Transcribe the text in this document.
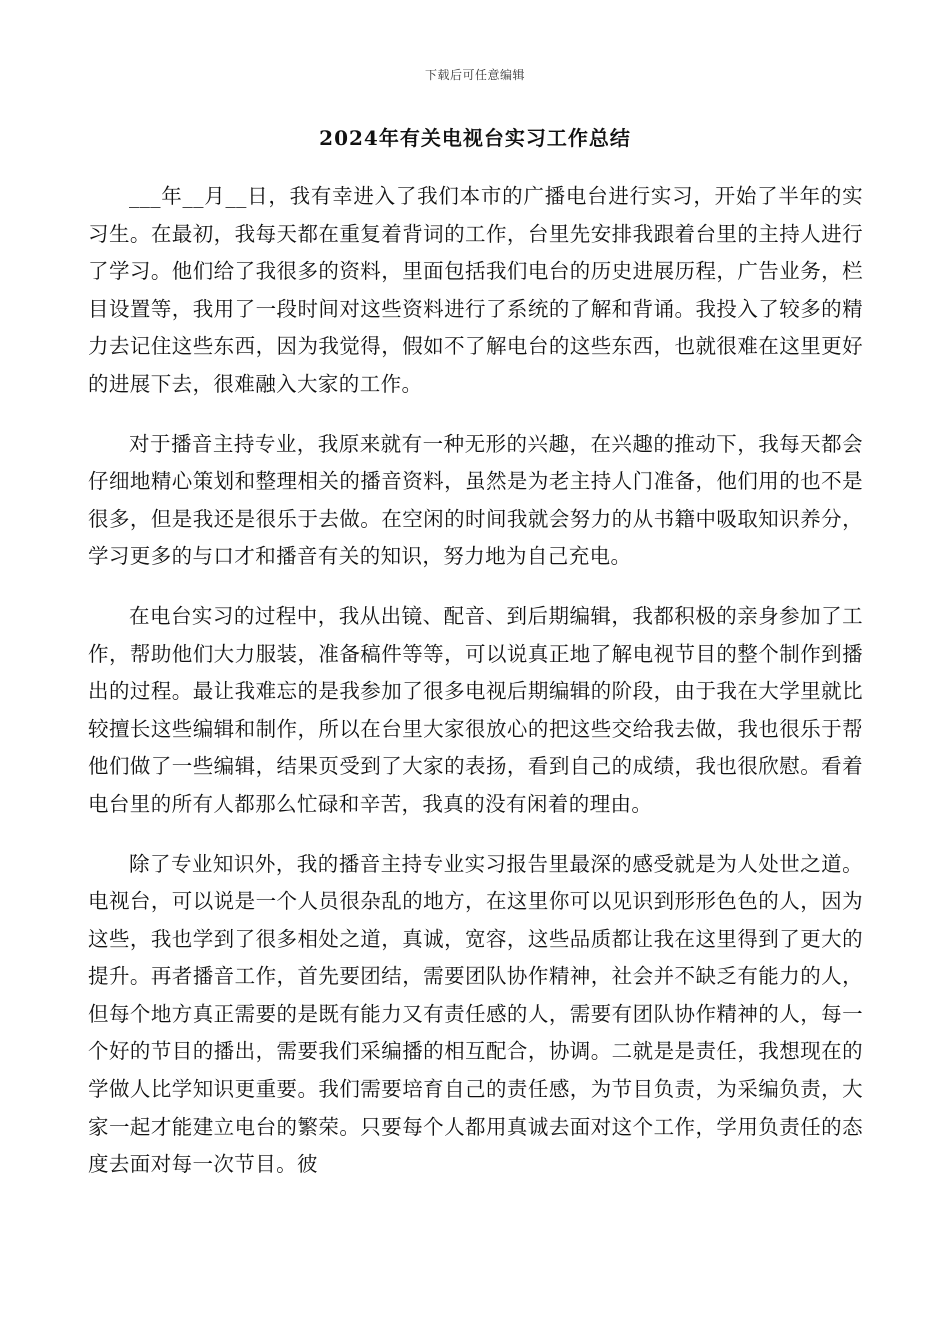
下载后可任意编辑
2024年有关电视台实习工作总结

___年__月__日，我有幸进入了我们本市的广播电台进行实习，开始了半年的实习生。在最初，我每天都在重复着背词的工作，台里先安排我跟着台里的主持人进行了学习。他们给了我很多的资料，里面包括我们电台的历史进展历程，广告业务，栏目设置等，我用了一段时间对这些资料进行了系统的了解和背诵。我投入了较多的精力去记住这些东西，因为我觉得，假如不了解电台的这些东西，也就很难在这里更好的进展下去，很难融入大家的工作。

对于播音主持专业，我原来就有一种无形的兴趣，在兴趣的推动下，我每天都会仔细地精心策划和整理相关的播音资料，虽然是为老主持人门准备，他们用的也不是很多，但是我还是很乐于去做。在空闲的时间我就会努力的从书籍中吸取知识养分，学习更多的与口才和播音有关的知识，努力地为自己充电。

在电台实习的过程中，我从出镜、配音、到后期编辑，我都积极的亲身参加了工作，帮助他们大力服装，准备稿件等等，可以说真正地了解电视节目的整个制作到播出的过程。最让我难忘的是我参加了很多电视后期编辑的阶段，由于我在大学里就比较擅长这些编辑和制作，所以在台里大家很放心的把这些交给我去做，我也很乐于帮他们做了一些编辑，结果页受到了大家的表扬，看到自己的成绩，我也很欣慰。看着电台里的所有人都那么忙碌和辛苦，我真的没有闲着的理由。

除了专业知识外，我的播音主持专业实习报告里最深的感受就是为人处世之道。电视台，可以说是一个人员很杂乱的地方，在这里你可以见识到形形色色的人，因为这些，我也学到了很多相处之道，真诚，宽容，这些品质都让我在这里得到了更大的提升。再者播音工作，首先要团结，需要团队协作精神，社会并不缺乏有能力的人，但每个地方真正需要的是既有能力又有责任感的人，需要有团队协作精神的人，每一个好的节目的播出，需要我们采编播的相互配合，协调。二就是是责任，我想现在的学做人比学知识更重要。我们需要培育自己的责任感，为节目负责，为采编负责，大家一起才能建立电台的繁荣。只要每个人都用真诚去面对这个工作，学用负责任的态度去面对每一次节目。彼
